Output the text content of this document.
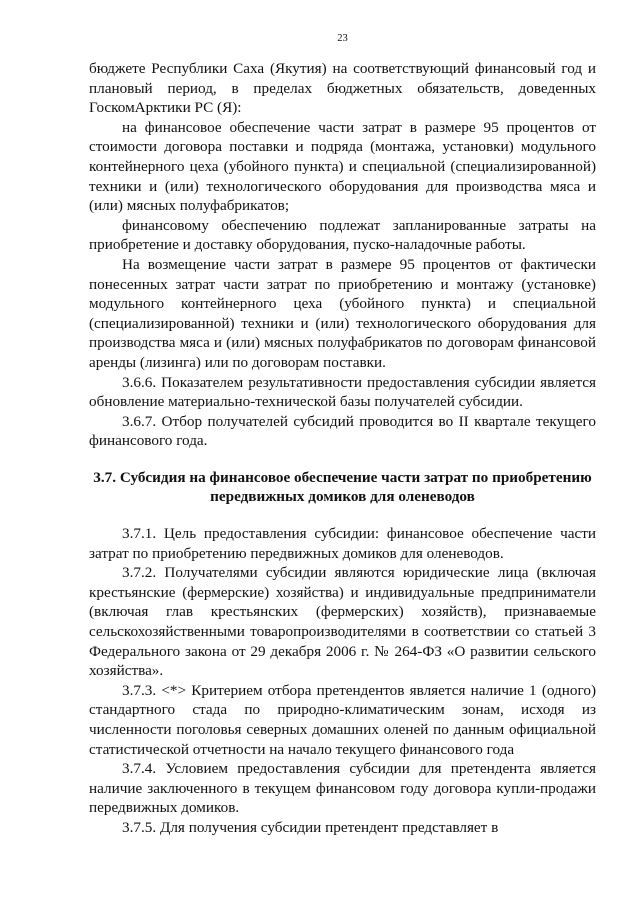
23

бюджете Республики Саха (Якутия) на соответствующий финансовый год и плановый период, в пределах бюджетных обязательств, доведенных ГоскомАрктики РС (Я):

на финансовое обеспечение части затрат в размере 95 процентов от стоимости договора поставки и подряда (монтажа, установки) модульного контейнерного цеха (убойного пункта) и специальной (специализированной) техники и (или) технологического оборудования для производства мяса и (или) мясных полуфабрикатов;

финансовому обеспечению подлежат запланированные затраты на приобретение и доставку оборудования, пуско-наладочные работы.

На возмещение части затрат в размере 95 процентов от фактически понесенных затрат части затрат по приобретению и монтажу (установке) модульного контейнерного цеха (убойного пункта) и специальной (специализированной) техники и (или) технологического оборудования для производства мяса и (или) мясных полуфабрикатов по договорам финансовой аренды (лизинга) или по договорам поставки.

3.6.6. Показателем результативности предоставления субсидии является обновление материально-технической базы получателей субсидии.

3.6.7. Отбор получателей субсидий проводится во II квартале текущего финансового года.

3.7. Субсидия на финансовое обеспечение части затрат по приобретению передвижных домиков для оленеводов

3.7.1. Цель предоставления субсидии: финансовое обеспечение части затрат по приобретению передвижных домиков для оленеводов.

3.7.2. Получателями субсидии являются юридические лица (включая крестьянские (фермерские) хозяйства) и индивидуальные предприниматели (включая глав крестьянских (фермерских) хозяйств), признаваемые сельскохозяйственными товаропроизводителями в соответствии со статьей 3 Федерального закона от 29 декабря 2006 г. № 264-ФЗ «О развитии сельского хозяйства».

3.7.3. <*> Критерием отбора претендентов является наличие 1 (одного) стандартного стада по природно-климатическим зонам, исходя из численности поголовья северных домашних оленей по данным официальной статистической отчетности на начало текущего финансового года

3.7.4. Условием предоставления субсидии для претендента является наличие заключенного в текущем финансовом году договора купли-продажи передвижных домиков.

3.7.5. Для получения субсидии претендент представляет в
